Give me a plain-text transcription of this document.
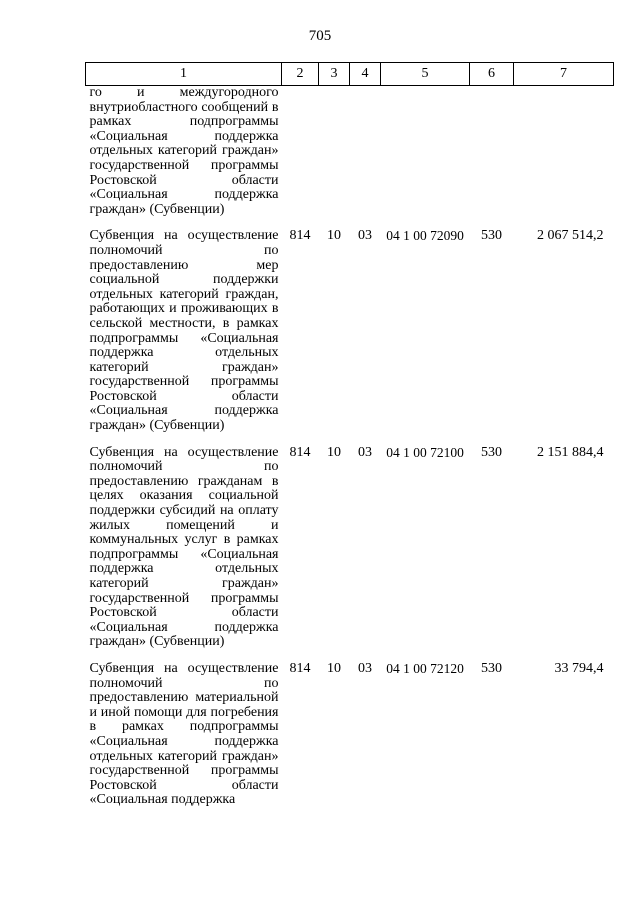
705
1	2	3	4	5	6	7
го и междугородного внутриобластного сообщений в рамках подпрограммы «Социальная поддержка отдельных категорий граждан» государственной программы Ростовской области «Социальная поддержка граждан» (Субвенции)						

Субвенция на осуществление полномочий по предоставлению мер социальной поддержки отдельных категорий граждан, работающих и проживающих в сельской местности, в рамках подпрограммы «Социальная поддержка отдельных категорий граждан» государственной программы Ростовской области «Социальная поддержка граждан» (Субвенции)	814	10	03	04 1 00 72090	530	2 067 514,2

Субвенция на осуществление полномочий по предоставлению гражданам в целях оказания социальной поддержки субсидий на оплату жилых помещений и коммунальных услуг в рамках подпрограммы «Социальная поддержка отдельных категорий граждан» государственной программы Ростовской области «Социальная поддержка граждан» (Субвенции)	814	10	03	04 1 00 72100	530	2 151 884,4

Субвенция на осуществление полномочий по предоставлению материальной и иной помощи для погребения в рамках подпрограммы «Социальная поддержка отдельных категорий граждан» государственной программы Ростовской области «Социальная поддержка	814	10	03	04 1 00 72120	530	33 794,4
